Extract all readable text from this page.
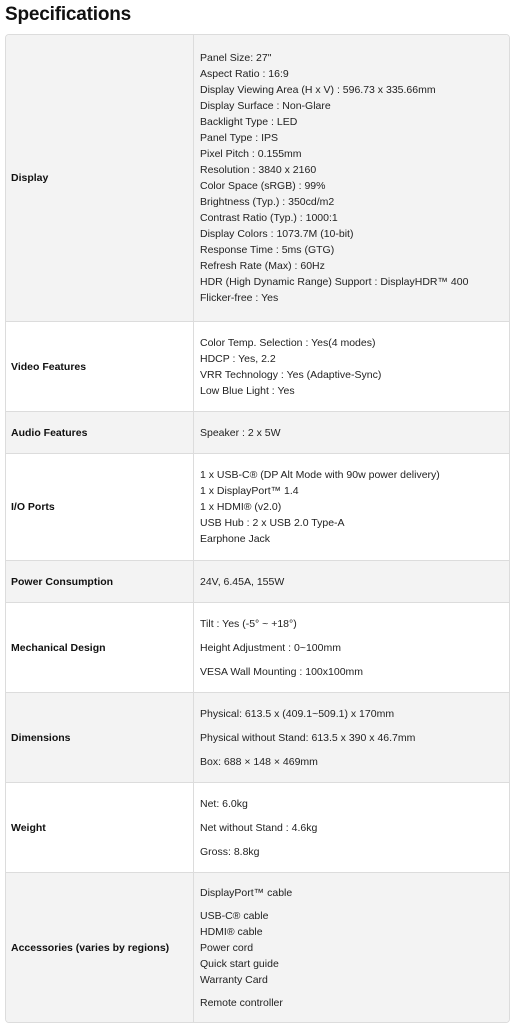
Specifications
Display
Panel Size: 27"
Aspect Ratio : 16:9
Display Viewing Area (H x V) : 596.73 x 335.66mm
Display Surface : Non-Glare
Backlight Type : LED
Panel Type : IPS
Pixel Pitch : 0.155mm
Resolution : 3840 x 2160
Color Space (sRGB) : 99%
Brightness (Typ.) : 350cd/m2
Contrast Ratio (Typ.) : 1000:1
Display Colors : 1073.7M (10-bit)
Response Time : 5ms (GTG)
Refresh Rate (Max) : 60Hz
HDR (High Dynamic Range) Support : DisplayHDR™ 400
Flicker-free : Yes
Video Features
Color Temp. Selection : Yes(4 modes)
HDCP : Yes, 2.2
VRR Technology : Yes (Adaptive-Sync)
Low Blue Light : Yes
Audio Features	Speaker : 2 x 5W
I/O Ports
1 x USB-C® (DP Alt Mode with 90w power delivery)
1 x DisplayPort™ 1.4
1 x HDMI® (v2.0)
USB Hub : 2 x USB 2.0 Type-A
Earphone Jack
Power Consumption	24V, 6.45A, 155W
Mechanical Design
Tilt : Yes (-5° ~ +18°)
Height Adjustment : 0~100mm
VESA Wall Mounting : 100x100mm
Dimensions
Physical: 613.5 x (409.1~509.1) x 170mm
Physical without Stand: 613.5 x 390 x 46.7mm
Box: 688 × 148 × 469mm
Weight
Net: 6.0kg
Net without Stand : 4.6kg
Gross: 8.8kg
Accessories (varies by regions)
DisplayPort™ cable
USB-C® cable
HDMI® cable
Power cord
Quick start guide
Warranty Card
Remote controller
